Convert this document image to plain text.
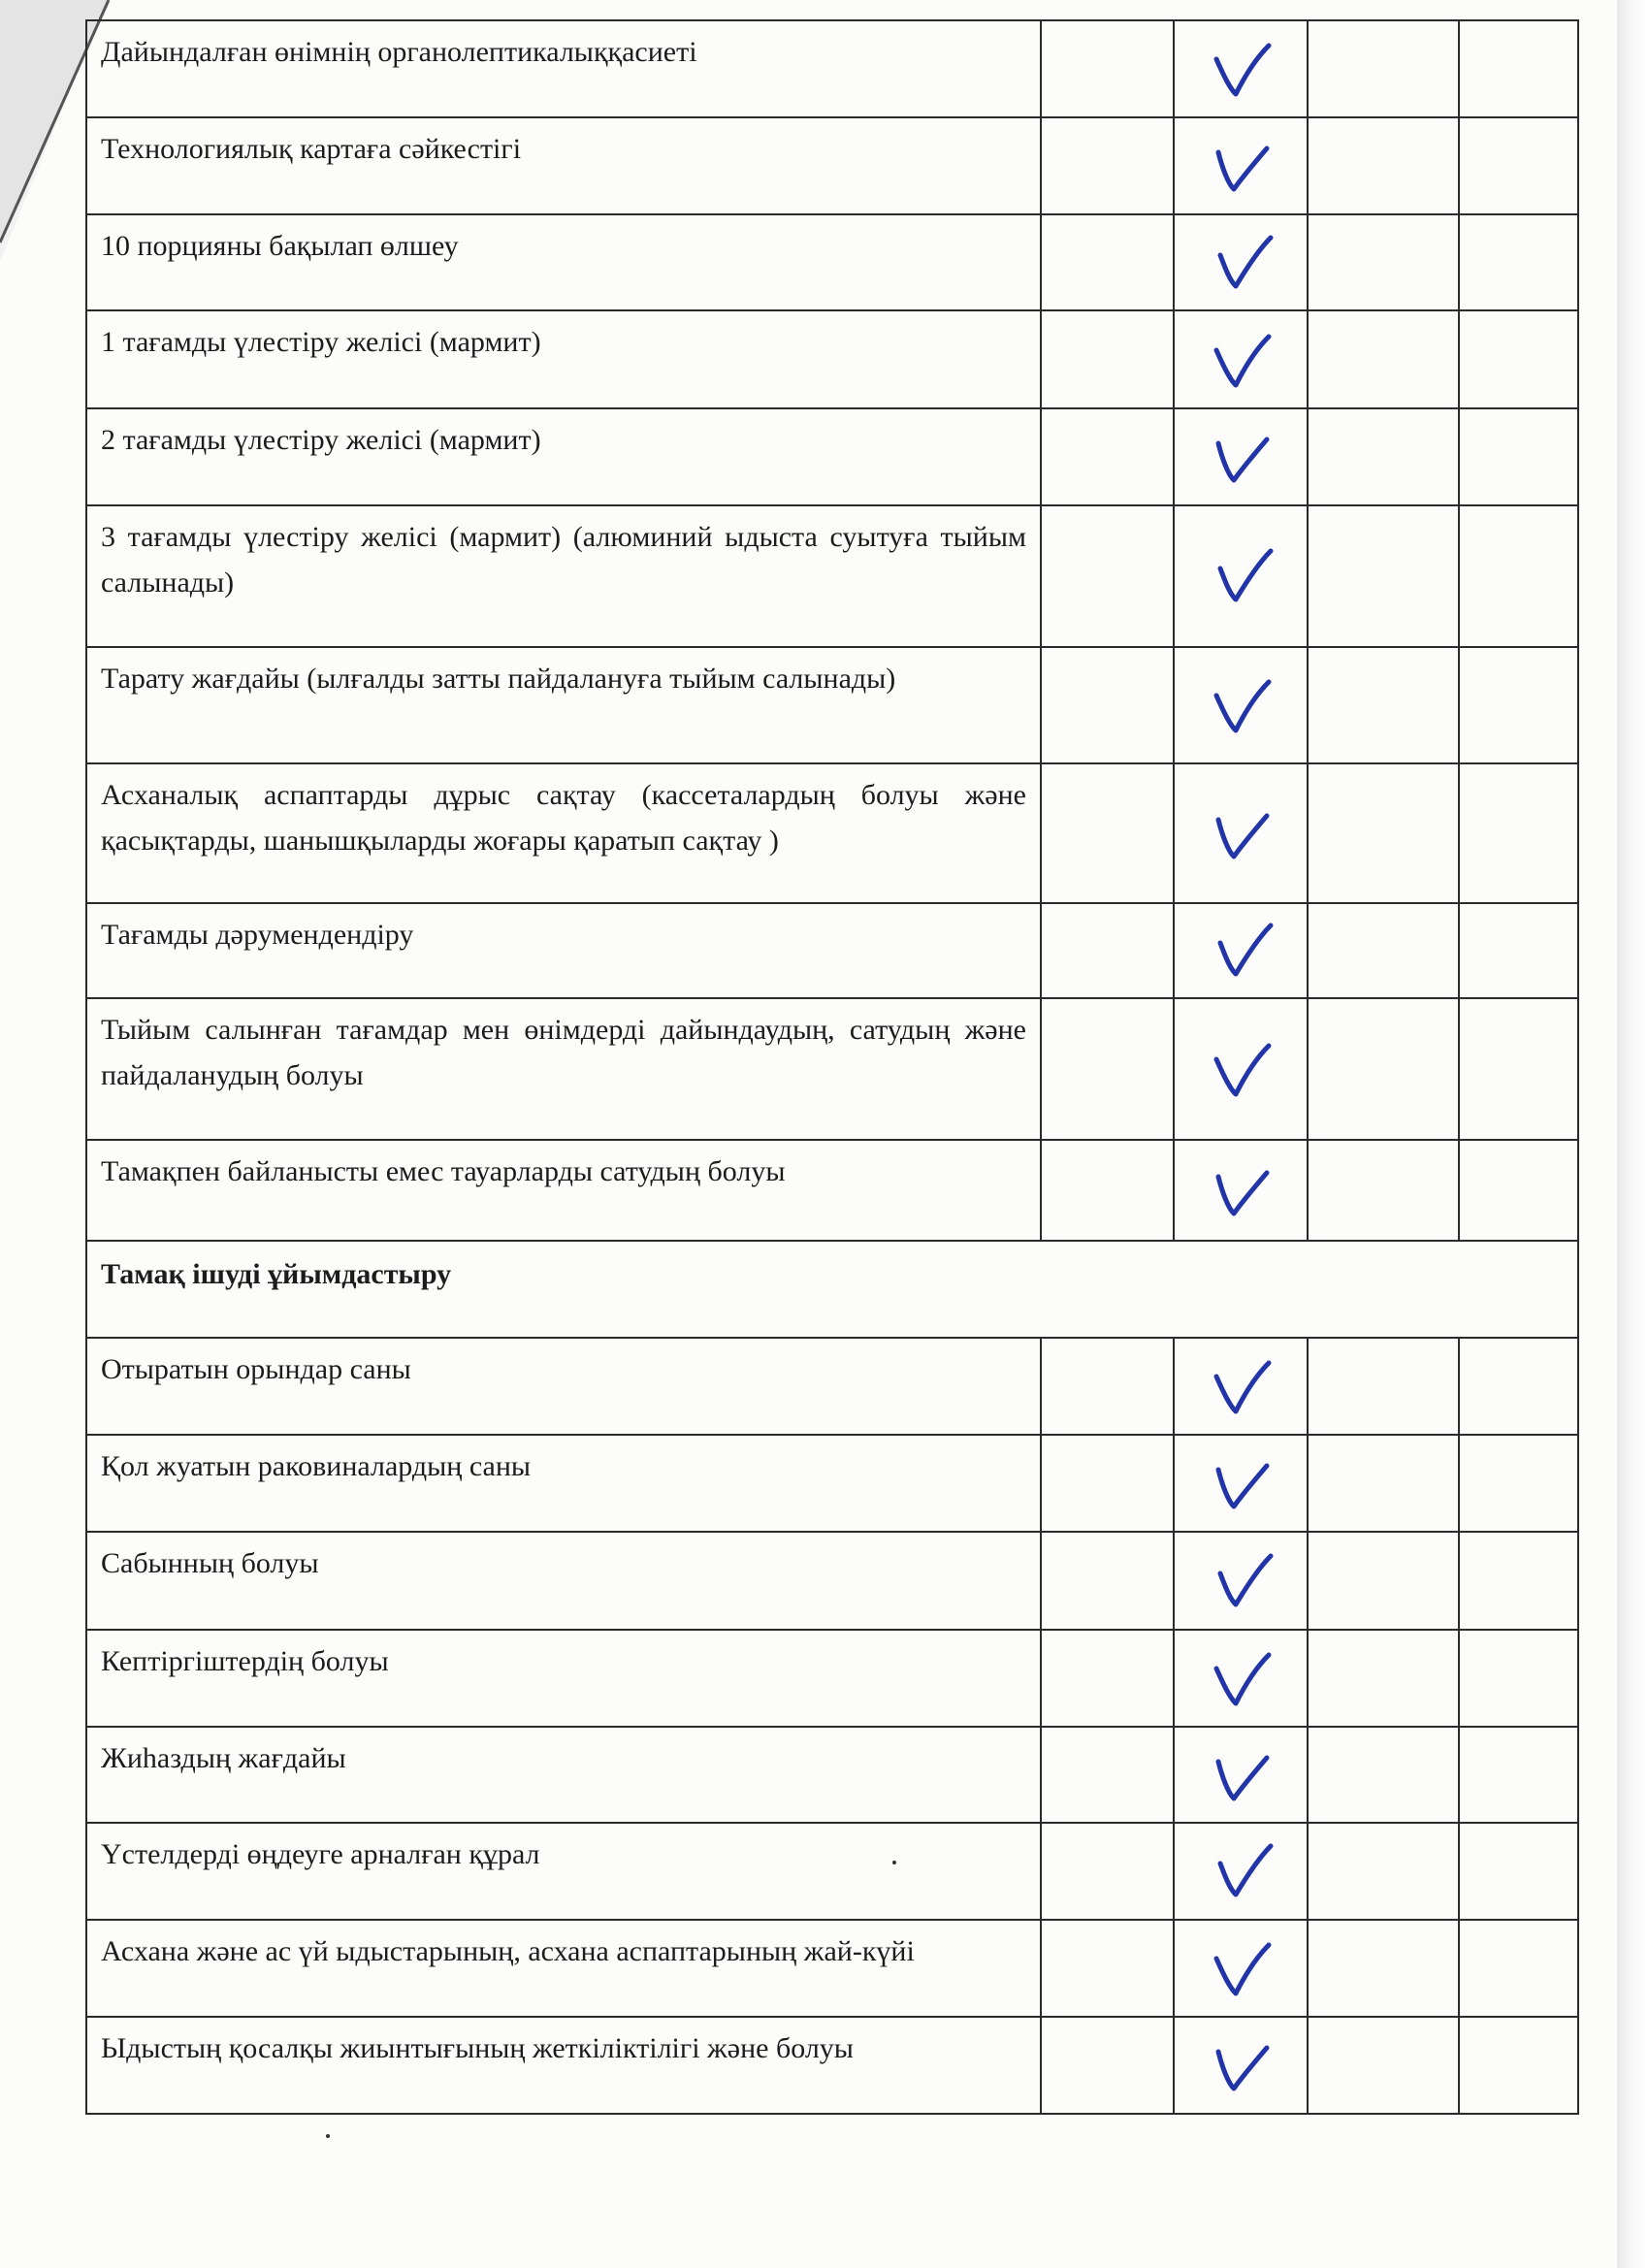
Дайындалған өнімнің органолептикалыққасиеті		

Технологиялық картаға сәйкестігі		

10 порцияны бақылап өлшеу		

1 тағамды үлестіру желісі (мармит)		

2 тағамды үлестіру желісі (мармит)		

3 тағамды үлестіру желісі (мармит) (алюминий ыдыста суытуға тыйым салынады)		

Тарату жағдайы (ылғалды затты пайдалануға тыйым салынады)		

Асханалық аспаптарды дұрыс сақтау (кассеталардың болуы және қасықтарды, шанышқыларды жоғары қаратып сақтау )		

Тағамды дәрумендендіру		

Тыйым салынған тағамдар мен өнімдерді дайындаудың, сатудың және пайдаланудың болуы		

Тамақпен байланысты емес тауарларды сатудың болуы		

Тамақ ішуді ұйымдастыру				
Отыратын орындар саны		

Қол жуатын раковиналардың саны		

Сабынның болуы		

Кептіргіштердің болуы		

Жиһаздың жағдайы		

Үстелдерді өңдеуге арналған құрал		

Асхана және ас үй ыдыстарының, асхана аспаптарының жай-күйі		

Ыдыстың қосалқы жиынтығының жеткіліктілігі және болуы		
